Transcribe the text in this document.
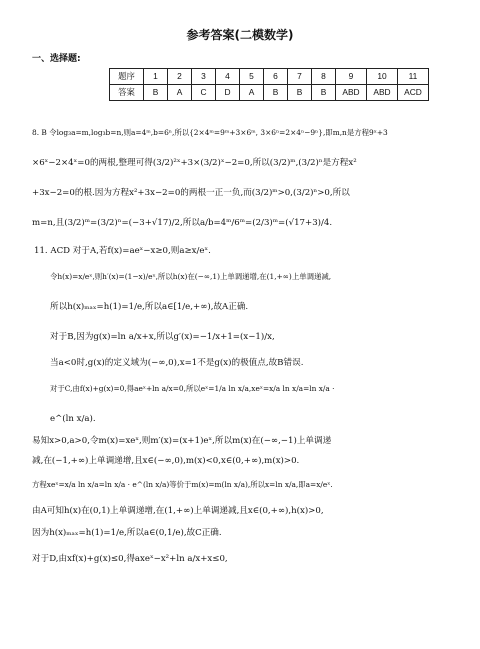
参考答案(二模数学)
一、选择题:
题序	1	2	3	4	5	6	7	8	9	10	11
答案	B	A	C	D	A	B	B	B	ABD	ABD	ACD
8. B 令log₃a=m,log₃b=n,则a=4ᵐ,b=6ⁿ,所以{2×4ᵐ=9ᵐ+3×6ᵐ, 3×6ⁿ=2×4ⁿ−9ⁿ},即m,n是方程9ˣ+3
×6ˣ−2×4ˣ=0的两根,整理可得(3/2)²ˣ+3×(3/2)ˣ−2=0,所以(3/2)ᵐ,(3/2)ⁿ是方程x²
+3x−2=0的根.因为方程x²+3x−2=0的两根一正一负,而(3/2)ᵐ>0,(3/2)ⁿ>0,所以
m=n,且(3/2)ᵐ=(3/2)ⁿ=(−3+√17)/2,所以a/b=4ᵐ/6ᵐ=(2/3)ᵐ=(√17+3)/4.
11. ACD 对于A,若f(x)=aeˣ−x≥0,则a≥x/eˣ.
令h(x)=x/eˣ,则h′(x)=(1−x)/eˣ,所以h(x)在(−∞,1)上单调递增,在(1,+∞)上单调递减,
所以h(x)ₘₐₓ=h(1)=1/e,所以a∈[1/e,+∞),故A正确.
对于B,因为g(x)=ln a/x+x,所以g′(x)=−1/x+1=(x−1)/x,
当a<0时,g(x)的定义域为(−∞,0),x=1不是g(x)的极值点,故B错误.
对于C,由f(x)+g(x)=0,得aeˣ+ln a/x=0,所以eˣ=1/a ln x/a,xeˣ=x/a ln x/a=ln x/a ·
e^(ln x/a).
易知x>0,a>0,令m(x)=xeˣ,则m′(x)=(x+1)eˣ,所以m(x)在(−∞,−1)上单调递
减,在(−1,+∞)上单调递增,且x∈(−∞,0),m(x)<0,x∈(0,+∞),m(x)>0.
方程xeˣ=x/a ln x/a=ln x/a · e^(ln x/a)等价于m(x)=m(ln x/a),所以x=ln x/a,即a=x/eˣ.
由A可知h(x)在(0,1)上单调递增,在(1,+∞)上单调递减,且x∈(0,+∞),h(x)>0,
因为h(x)ₘₐₓ=h(1)=1/e,所以a∈(0,1/e),故C正确.
对于D,由xf(x)+g(x)≤0,得axeˣ−x²+ln a/x+x≤0,
